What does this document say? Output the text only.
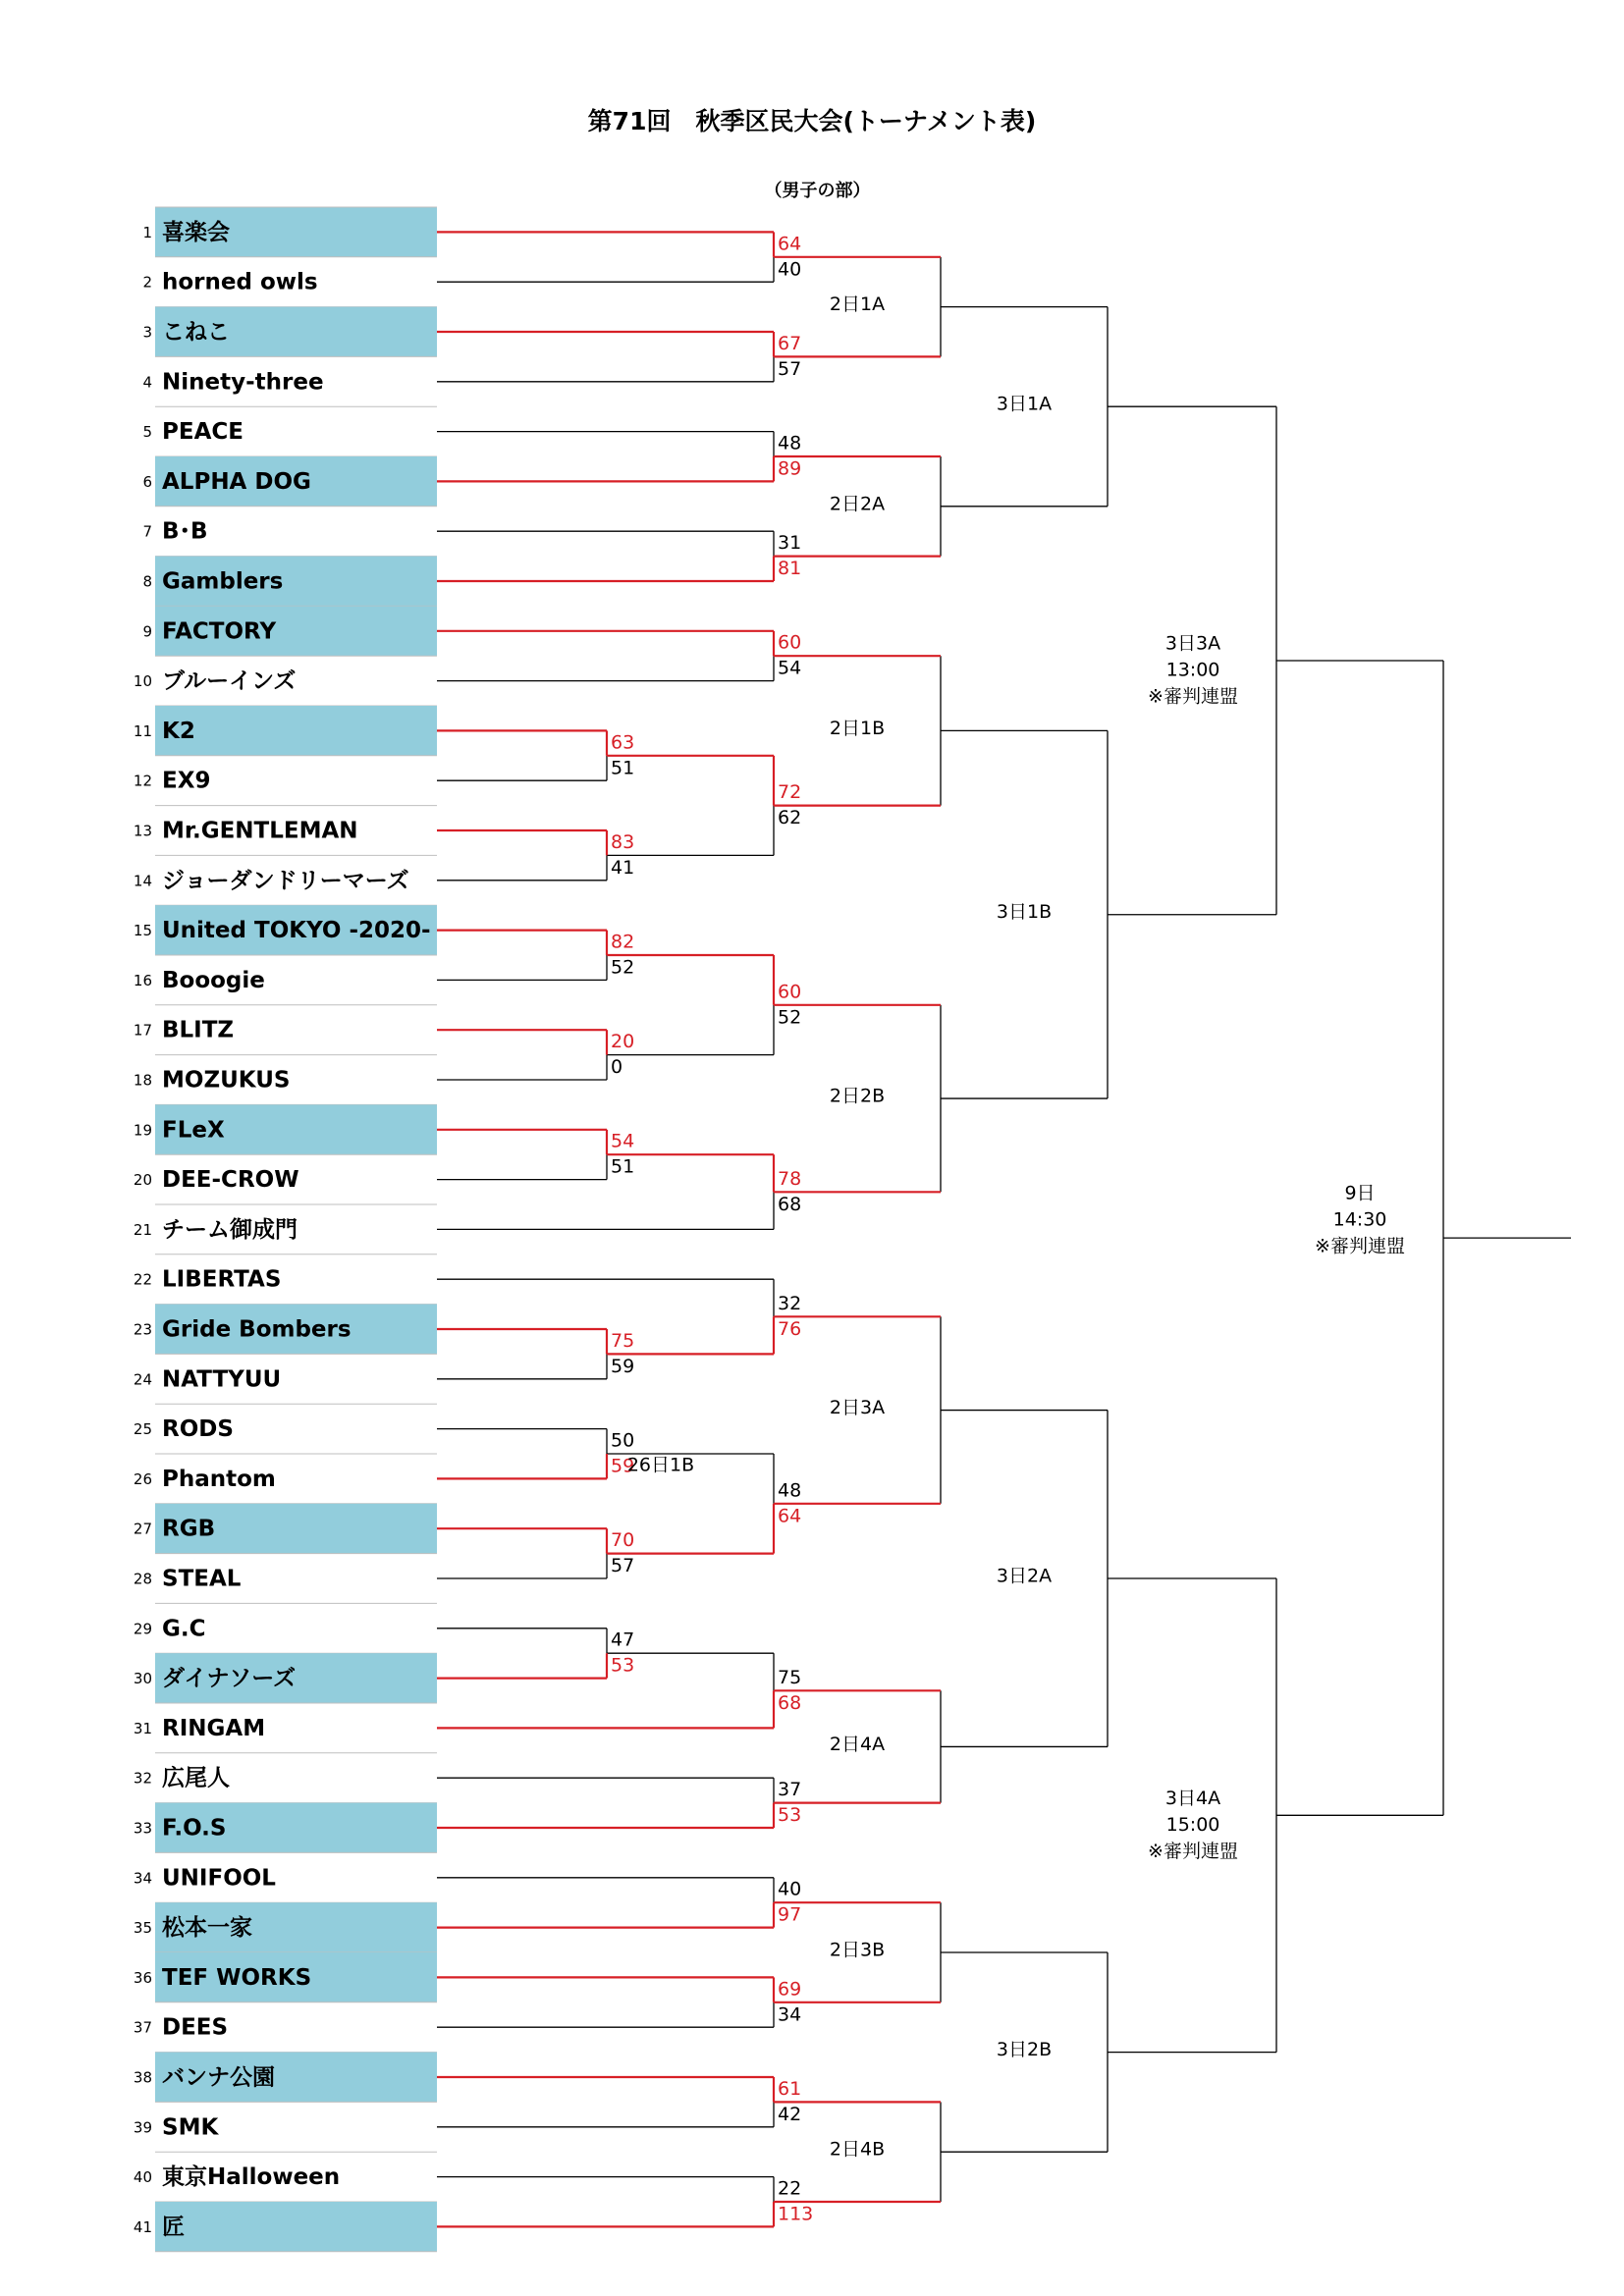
第71回　秋季区民大会(トーナメント表)
（男子の部）
1 喜楽会
2 horned owls
3 こねこ
4 Ninety-three
5 PEACE
6 ALPHA DOG
7 B･B
8 Gamblers
9 FACTORY
10 ブルーインズ
11 K2
12 EX9
13 Mr.GENTLEMAN
14 ジョーダンドリーマーズ
15 United TOKYO -2020-
16 Booogie
17 BLITZ
18 MOZUKUS
19 FLeX
20 DEE-CROW
21 チーム御成門
22 LIBERTAS
23 Gride Bombers
24 NATTYUU
25 RODS
26 Phantom
27 RGB
28 STEAL
29 G.C
30 ダイナソーズ
31 RINGAM
32 広尾人
33 F.O.S
34 UNIFOOL
35 松本一家
36 TEF WORKS
37 DEES
38 バンナ公園
39 SMK
40 東京Halloween
41 匠
63
51
83
41
82
52
20
0
54
51
75
59
50
59
26日1B
70
57
47
53
64
40
67
57
48
89
31
81
60
54
72
62
60
52
78
68
32
76
48
64
75
68
37
53
40
97
69
34
61
42
22
113
2日1A
2日2A
2日1B
2日2B
2日3A
2日4A
2日3B
2日4B
3日1A
3日1B
3日2A
3日2B
3日3A
13:00
※審判連盟
3日4A
15:00
※審判連盟
9日
14:30
※審判連盟
